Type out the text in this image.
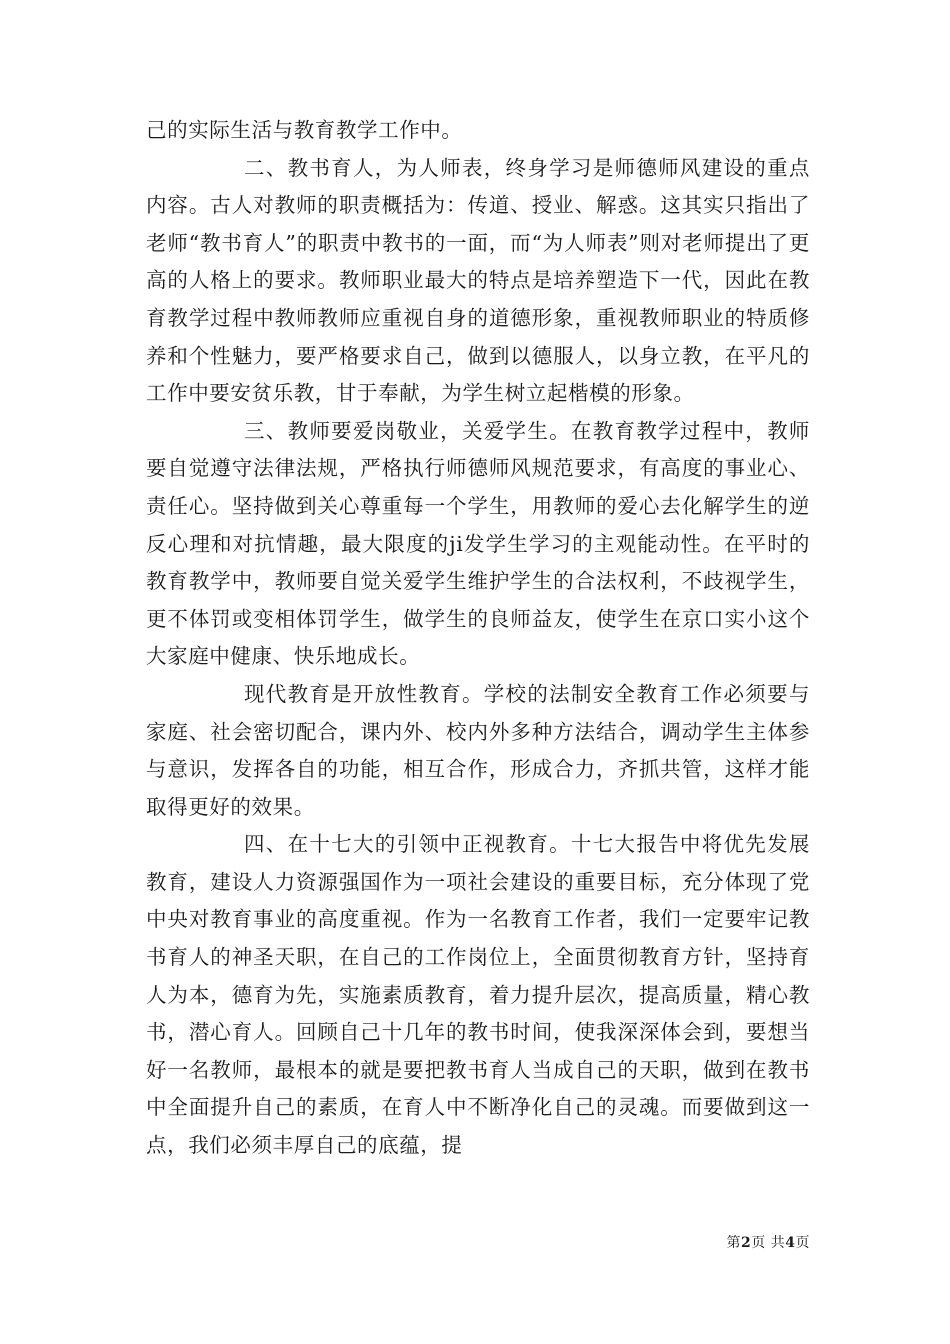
己的实际生活与教育教学工作中。

二、教书育人，为人师表，终身学习是师德师风建设的重点内容。古人对教师的职责概括为：传道、授业、解惑。这其实只指出了老师“教书育人”的职责中教书的一面，而“为人师表”则对老师提出了更高的人格上的要求。教师职业最大的特点是培养塑造下一代，因此在教育教学过程中教师教师应重视自身的道德形象，重视教师职业的特质修养和个性魅力，要严格要求自己，做到以德服人，以身立教，在平凡的工作中要安贫乐教，甘于奉献，为学生树立起楷模的形象。

三、教师要爱岗敬业，关爱学生。在教育教学过程中，教师要自觉遵守法律法规，严格执行师德师风规范要求，有高度的事业心、责任心。坚持做到关心尊重每一个学生，用教师的爱心去化解学生的逆反心理和对抗情趣，最大限度的ji发学生学习的主观能动性。在平时的教育教学中，教师要自觉关爱学生维护学生的合法权利，不歧视学生，更不体罚或变相体罚学生，做学生的良师益友，使学生在京口实小这个大家庭中健康、快乐地成长。

现代教育是开放性教育。学校的法制安全教育工作必须要与家庭、社会密切配合，课内外、校内外多种方法结合，调动学生主体参与意识，发挥各自的功能，相互合作，形成合力，齐抓共管，这样才能取得更好的效果。

四、在十七大的引领中正视教育。十七大报告中将优先发展教育，建设人力资源强国作为一项社会建设的重要目标，充分体现了党中央对教育事业的高度重视。作为一名教育工作者，我们一定要牢记教书育人的神圣天职，在自己的工作岗位上，全面贯彻教育方针，坚持育人为本，德育为先，实施素质教育，着力提升层次，提高质量，精心教书，潜心育人。回顾自己十几年的教书时间，使我深深体会到，要想当好一名教师，最根本的就是要把教书育人当成自己的天职，做到在教书中全面提升自己的素质，在育人中不断净化自己的灵魂。而要做到这一点，我们必须丰厚自己的底蕴，提

第2页 共4页
